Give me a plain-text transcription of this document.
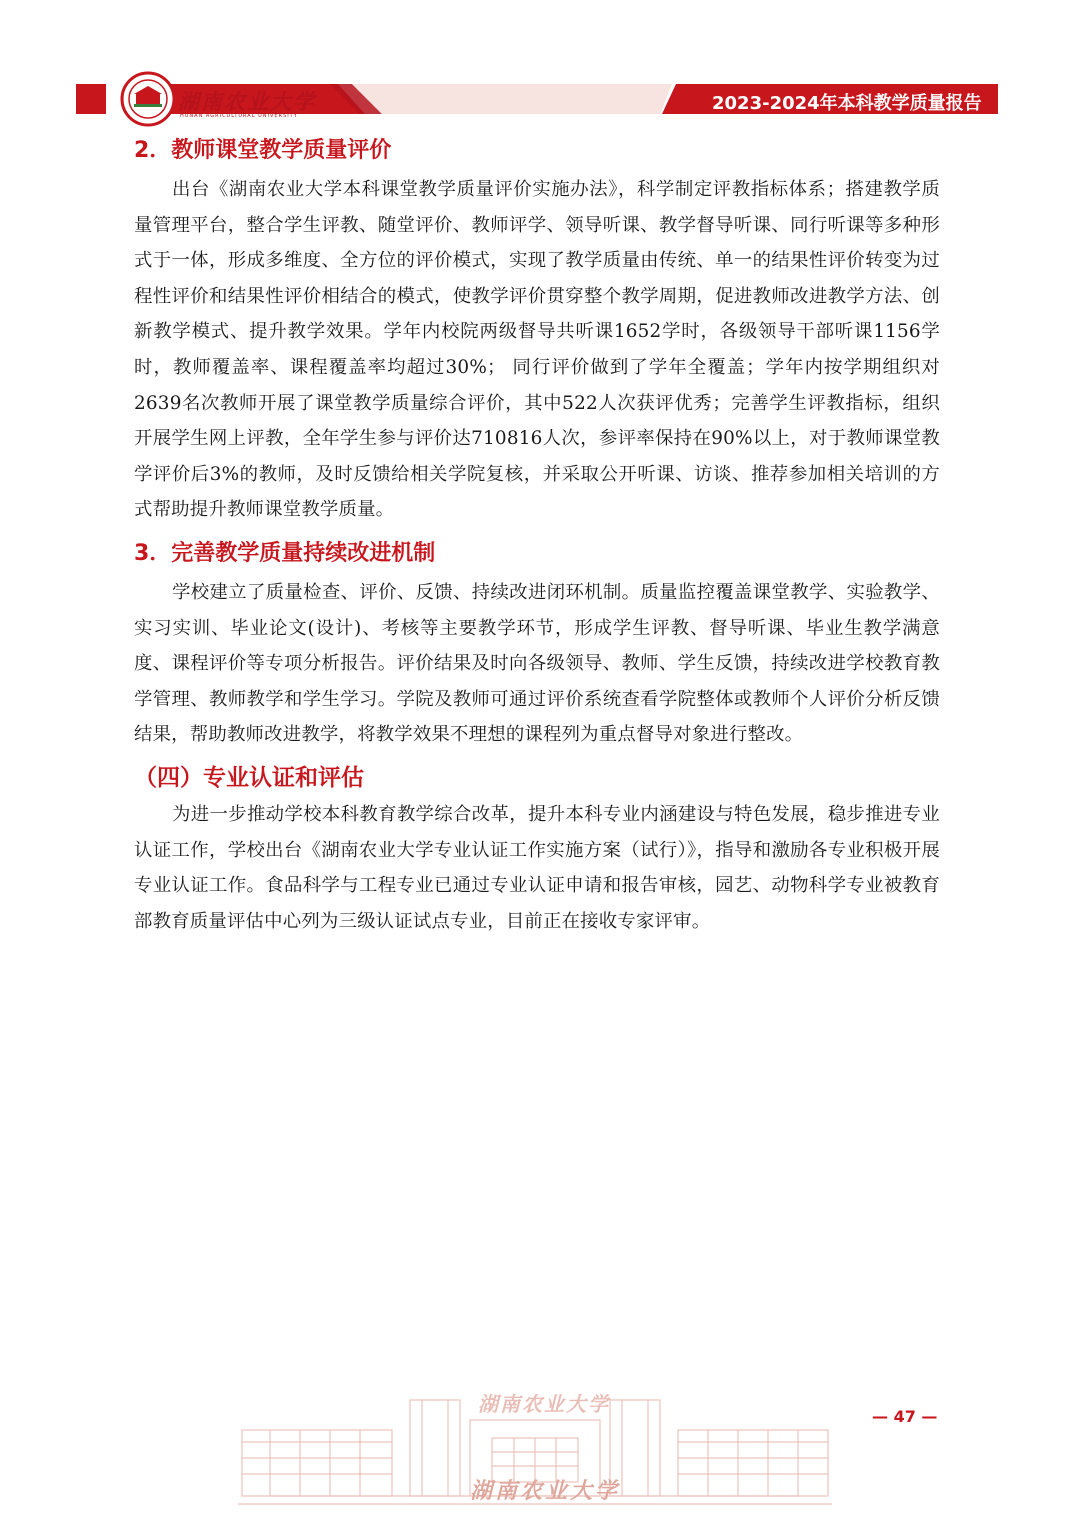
湖南农业大学
HUNAN AGRICULTURAL UNIVERSITY
2023-2024年本科教学质量报告
2．教师课堂教学质量评价

出台《湖南农业大学本科课堂教学质量评价实施办法》，科学制定评教指标体系；搭建教学质量管理平台，整合学生评教、随堂评价、教师评学、领导听课、教学督导听课、同行听课等多种形式于一体，形成多维度、全方位的评价模式，实现了教学质量由传统、单一的结果性评价转变为过程性评价和结果性评价相结合的模式，使教学评价贯穿整个教学周期，促进教师改进教学方法、创新教学模式、提升教学效果。学年内校院两级督导共听课1652学时，各级领导干部听课1156学时，教师覆盖率、课程覆盖率均超过30%； 同行评价做到了学年全覆盖；学年内按学期组织对2639名次教师开展了课堂教学质量综合评价，其中522人次获评优秀；完善学生评教指标，组织开展学生网上评教，全年学生参与评价达710816人次，参评率保持在90%以上，对于教师课堂教学评价后3%的教师，及时反馈给相关学院复核，并采取公开听课、访谈、推荐参加相关培训的方式帮助提升教师课堂教学质量。

3．完善教学质量持续改进机制

学校建立了质量检查、评价、反馈、持续改进闭环机制。质量监控覆盖课堂教学、实验教学、实习实训、毕业论文(设计)、考核等主要教学环节，形成学生评教、督导听课、毕业生教学满意度、课程评价等专项分析报告。评价结果及时向各级领导、教师、学生反馈，持续改进学校教育教学管理、教师教学和学生学习。学院及教师可通过评价系统查看学院整体或教师个人评价分析反馈结果，帮助教师改进教学，将教学效果不理想的课程列为重点督导对象进行整改。

（四）专业认证和评估

为进一步推动学校本科教育教学综合改革，提升本科专业内涵建设与特色发展，稳步推进专业认证工作，学校出台《湖南农业大学专业认证工作实施方案（试行）》，指导和激励各专业积极开展专业认证工作。食品科学与工程专业已通过专业认证申请和报告审核，园艺、动物科学专业被教育部教育质量评估中心列为三级认证试点专业，目前正在接收专家评审。

湖南农业大学
湖南农业大学
— 47 —
